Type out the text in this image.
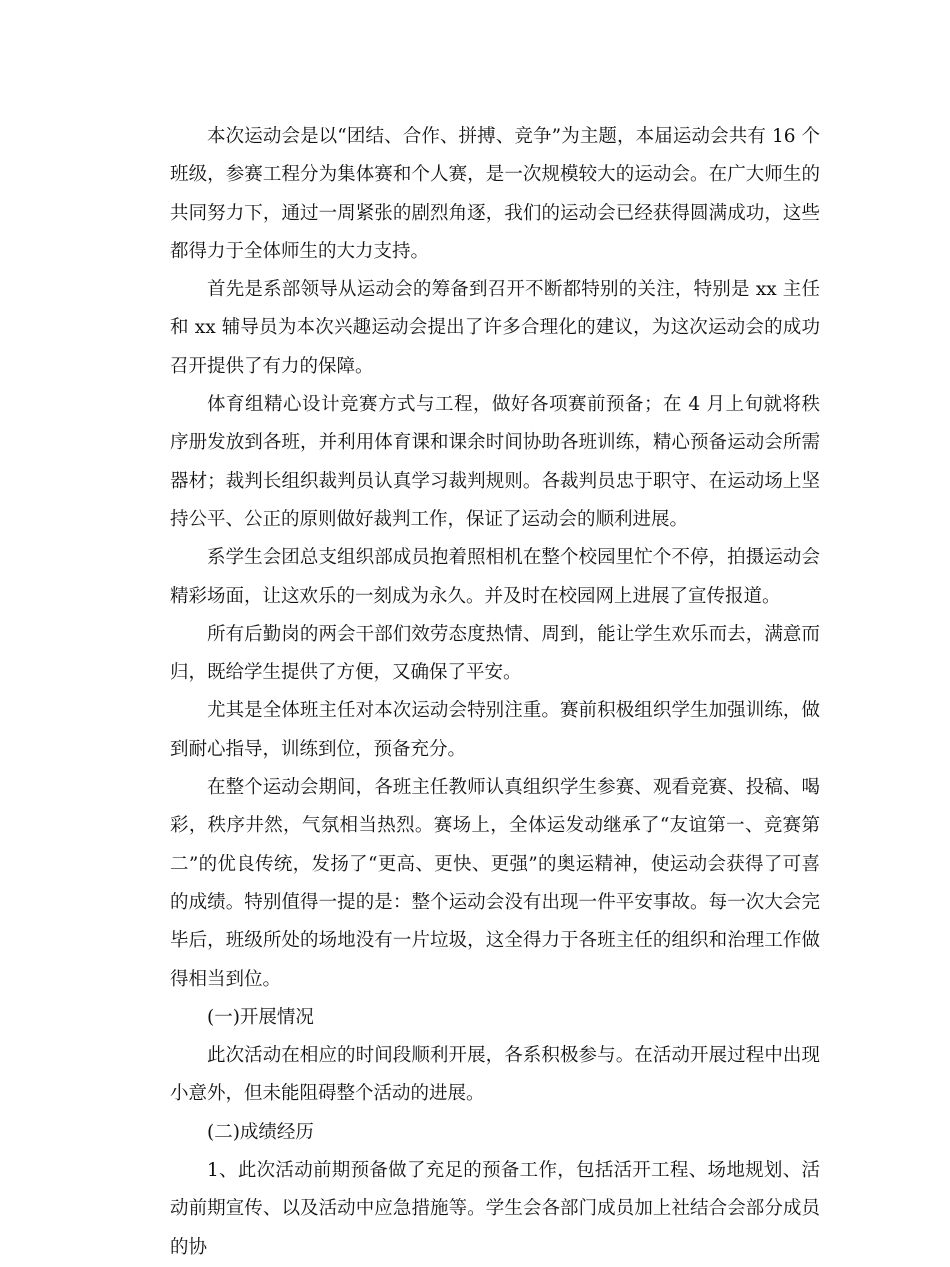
本次运动会是以“团结、合作、拼搏、竞争”为主题，本届运动会共有 16 个班级，参赛工程分为集体赛和个人赛，是一次规模较大的运动会。在广大师生的共同努力下，通过一周紧张的剧烈角逐，我们的运动会已经获得圆满成功，这些都得力于全体师生的大力支持。

首先是系部领导从运动会的筹备到召开不断都特别的关注，特别是 xx 主任和 xx 辅导员为本次兴趣运动会提出了许多合理化的建议，为这次运动会的成功召开提供了有力的保障。

体育组精心设计竞赛方式与工程，做好各项赛前预备；在 4 月上旬就将秩序册发放到各班，并利用体育课和课余时间协助各班训练，精心预备运动会所需器材；裁判长组织裁判员认真学习裁判规则。各裁判员忠于职守、在运动场上坚持公平、公正的原则做好裁判工作，保证了运动会的顺利进展。

系学生会团总支组织部成员抱着照相机在整个校园里忙个不停，拍摄运动会精彩场面，让这欢乐的一刻成为永久。并及时在校园网上进展了宣传报道。

所有后勤岗的两会干部们效劳态度热情、周到，能让学生欢乐而去，满意而归，既给学生提供了方便，又确保了平安。

尤其是全体班主任对本次运动会特别注重。赛前积极组织学生加强训练，做到耐心指导，训练到位，预备充分。

在整个运动会期间，各班主任教师认真组织学生参赛、观看竞赛、投稿、喝彩，秩序井然，气氛相当热烈。赛场上，全体运发动继承了“友谊第一、竞赛第二”的优良传统，发扬了“更高、更快、更强”的奥运精神，使运动会获得了可喜的成绩。特别值得一提的是：整个运动会没有出现一件平安事故。每一次大会完毕后，班级所处的场地没有一片垃圾，这全得力于各班主任的组织和治理工作做得相当到位。

(一)开展情况

此次活动在相应的时间段顺利开展，各系积极参与。在活动开展过程中出现小意外，但未能阻碍整个活动的进展。

(二)成绩经历

1、此次活动前期预备做了充足的预备工作，包括活开工程、场地规划、活动前期宣传、以及活动中应急措施等。学生会各部门成员加上社结合会部分成员的协
